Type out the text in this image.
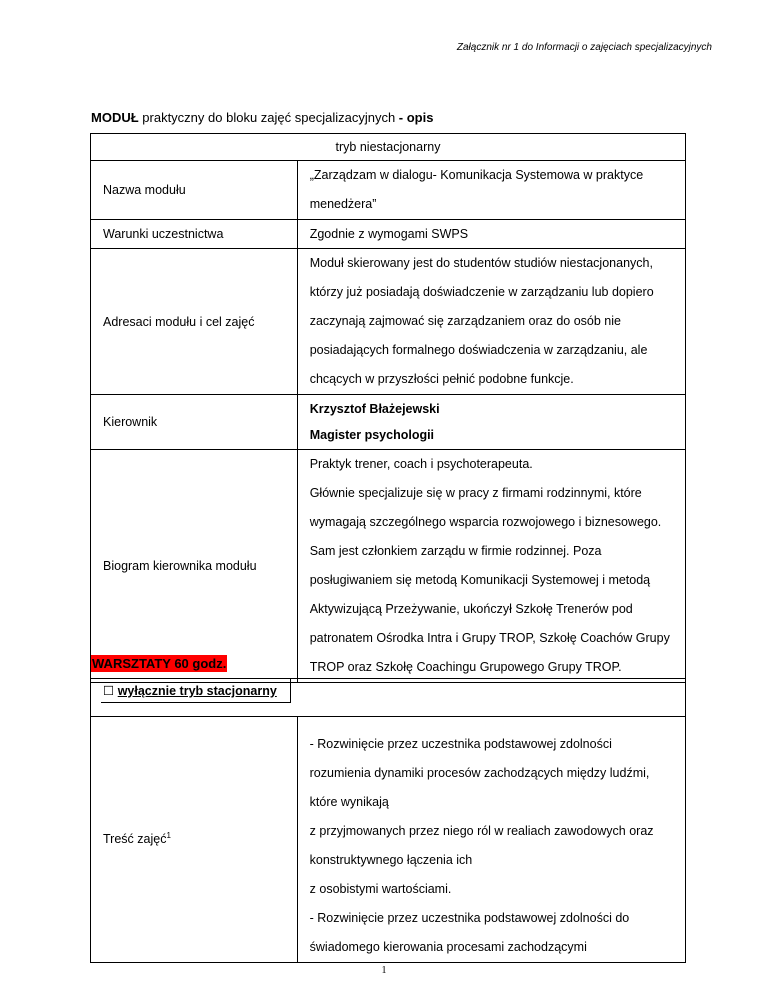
Załącznik nr 1 do Informacji o zajęciach specjalizacyjnych
MODUŁ praktyczny do bloku zajęć specjalizacyjnych - opis
tryb niestacjonarny	
Nazwa modułu	„Zarządzam w dialogu- Komunikacja Systemowa w praktyce menedżera”
Warunki uczestnictwa	Zgodnie z wymogami SWPS
Adresaci modułu i cel zajęć	Moduł skierowany jest do studentów studiów niestacjonanych, którzy już posiadają doświadczenie w zarządzaniu lub dopiero zaczynają zajmować się zarządzaniem oraz do osób nie posiadających formalnego doświadczenia w zarządzaniu, ale chcących w przyszłości pełnić podobne funkcje.
Kierownik	Krzysztof Błażejewski
Magister psychologii
Biogram kierownika modułu	Praktyk trener, coach i psychoterapeuta.
Głównie specjalizuje się w pracy z firmami rodzinnymi, które wymagają szczególnego wsparcia rozwojowego i biznesowego. Sam jest członkiem zarządu w firmie rodzinnej. Poza posługiwaniem się metodą Komunikacji Systemowej i metodą Aktywizującą Przeżywanie, ukończył Szkołę Trenerów pod patronatem Ośrodka Intra i Grupy TROP, Szkołę Coachów Grupy TROP oraz Szkołę Coachingu Grupowego Grupy TROP.
WARSZTATY 60 godz.
☐ wyłącznie tryb stacjonarny
Treść zajęć$^1$	- Rozwinięcie przez uczestnika podstawowej zdolności rozumienia dynamiki procesów zachodzących między ludźmi, które wynikają
z przyjmowanych przez niego ról w realiach zawodowych oraz konstruktywnego łączenia ich
z osobistymi wartościami.
- Rozwinięcie przez uczestnika podstawowej zdolności do świadomego kierowania procesami zachodzącymi
1
